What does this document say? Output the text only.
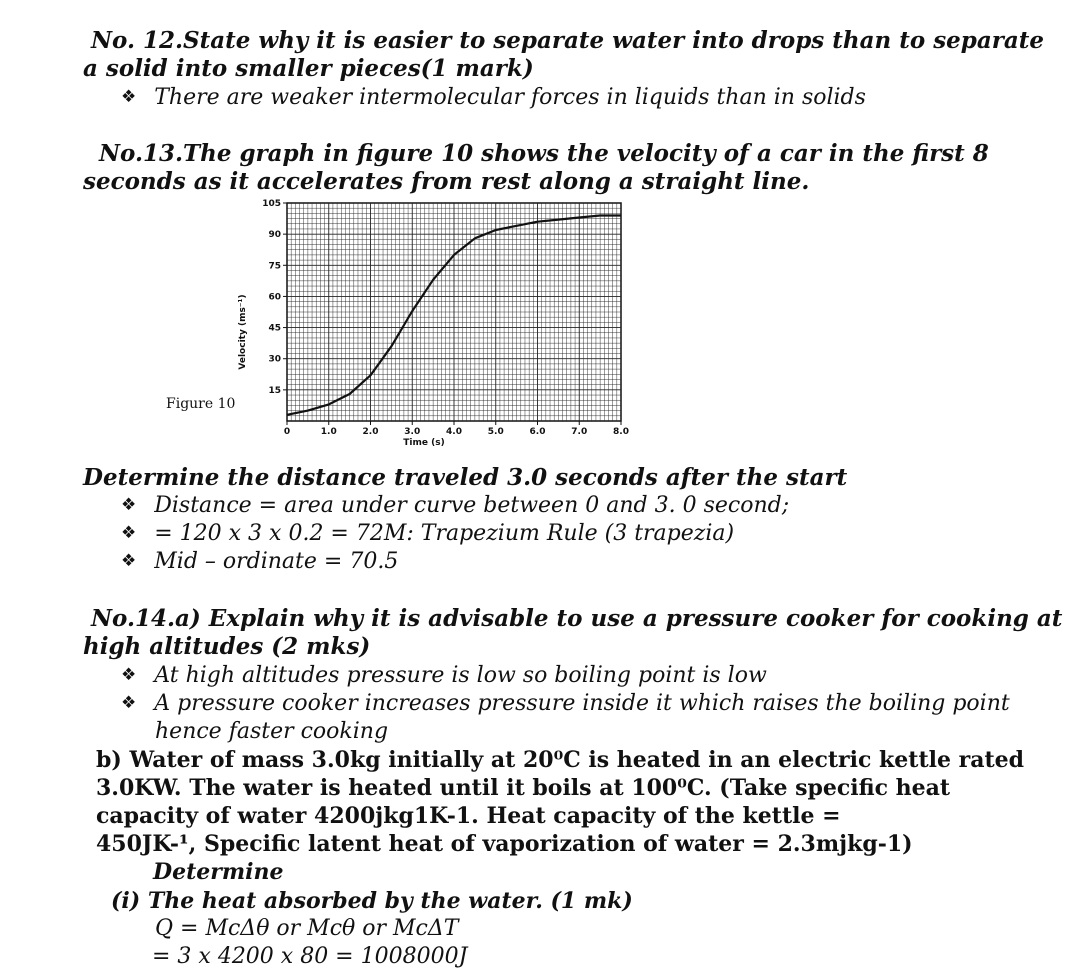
No. 12.State why it is easier to separate water into drops than to separate
a solid into smaller pieces(1 mark)
❖ There are weaker intermolecular forces in liquids than in solids
No.13.The graph in figure 10 shows the velocity of a car in the first 8
seconds as it accelerates from rest along a straight line.
Figure 10
0	1.0	2.0	3.0	4.0	5.0	6.0	7.0	8.0
15
30
45
60
75
90
105
Time (s)
Velocity (ms⁻¹)
Determine the distance traveled 3.0 seconds after the start
❖ Distance = area under curve between 0 and 3. 0 second;
❖ = 120 x 3 x 0.2 = 72M: Trapezium Rule (3 trapezia)
❖ Mid – ordinate = 70.5
No.14.a) Explain why it is advisable to use a pressure cooker for cooking at
high altitudes (2 mks)
❖ At high altitudes pressure is low so boiling point is low
❖ A pressure cooker increases pressure inside it which raises the boiling point
hence faster cooking
b) Water of mass 3.0kg initially at 20⁰C is heated in an electric kettle rated
3.0KW. The water is heated until it boils at 100⁰C. (Take specific heat
capacity of water 4200jkg1K-1. Heat capacity of the kettle =
450JK-¹, Specific latent heat of vaporization of water = 2.3mjkg-1)
Determine
(i) The heat absorbed by the water. (1 mk)
Q = McΔθ or Mcθ or McΔT
= 3 x 4200 x 80 = 1008000J
